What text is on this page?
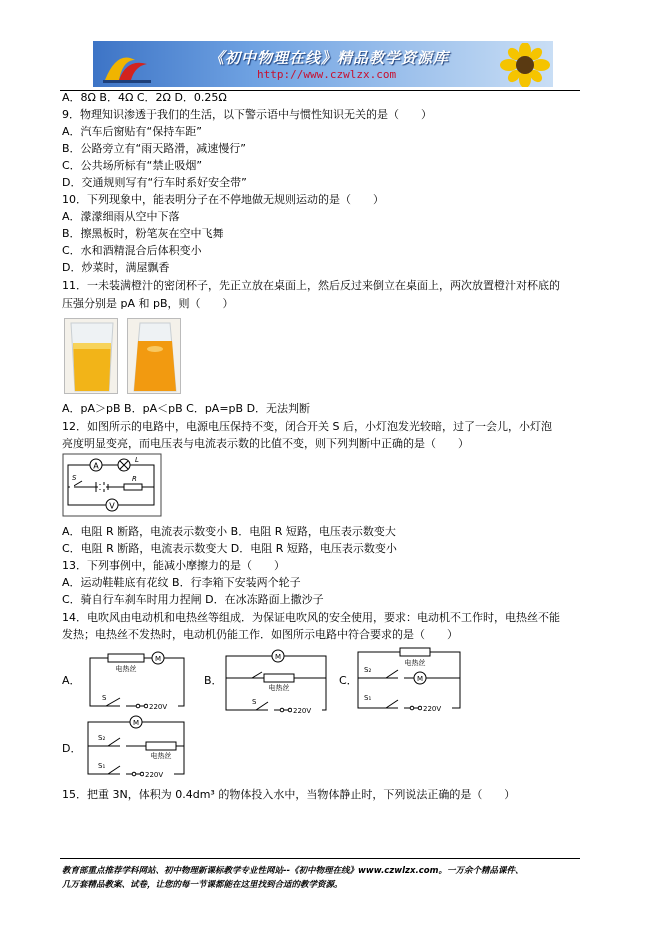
《初中物理在线》精品教学资源库
http://www.czwlzx.com
A．8Ω B．4Ω C．2Ω D．0.25Ω
9．物理知识渗透于我们的生活，以下警示语中与惯性知识无关的是（　　）
A．汽车后窗贴有“保持车距”
B．公路旁立有“雨天路滑，减速慢行”
C．公共场所标有“禁止吸烟”
D．交通规则写有“行车时系好安全带”
10．下列现象中，能表明分子在不停地做无规则运动的是（　　）
A．濛濛细雨从空中下落
B．擦黑板时，粉笔灰在空中飞舞
C．水和酒精混合后体积变小
D．炒菜时，满屋飘香
11．一未装满橙汁的密闭杯子，先正立放在桌面上，然后反过来倒立在桌面上，两次放置橙汁对杯底的
压强分别是 pA 和 pB，则（　　）
A．pA＞pB B．pA＜pB C．pA=pB D．无法判断
12．如图所示的电路中，电源电压保持不变，闭合开关 S 后，小灯泡发光较暗，过了一会儿，小灯泡
亮度明显变亮，而电压表与电流表示数的比值不变，则下列判断中正确的是（　　）
A
L
S	R
V
A．电阻 R 断路，电流表示数变小 B．电阻 R 短路，电压表示数变大
C．电阻 R 断路，电流表示数变大 D．电阻 R 短路，电压表示数变小
13．下列事例中，能减小摩擦力的是（　　）
A．运动鞋鞋底有花纹 B．行李箱下安装两个轮子
C．骑自行车刹车时用力捏闸 D．在冰冻路面上撒沙子
14．电吹风由电动机和电热丝等组成．为保证电吹风的安全使用，要求：电动机不工作时，电热丝不能
发热；电热丝不发热时，电动机仍能工作．如图所示电路中符合要求的是（　　）
A．
电热丝
M
S
220V
B．
M
电热丝
S
220V
C．
电热丝
S₂
M
S₁
220V
D．
M
S₂
电热丝
S₁
220V
15．把重 3N，体积为 0.4dm³ 的物体投入水中，当物体静止时，下列说法正确的是（　　）
教育部重点推荐学科网站、初中物理新课标教学专业性网站--《初中物理在线》www.czwlzx.com。一万余个精品课件、
几万套精品教案、试卷，让您的每一节课都能在这里找到合适的教学资源。
